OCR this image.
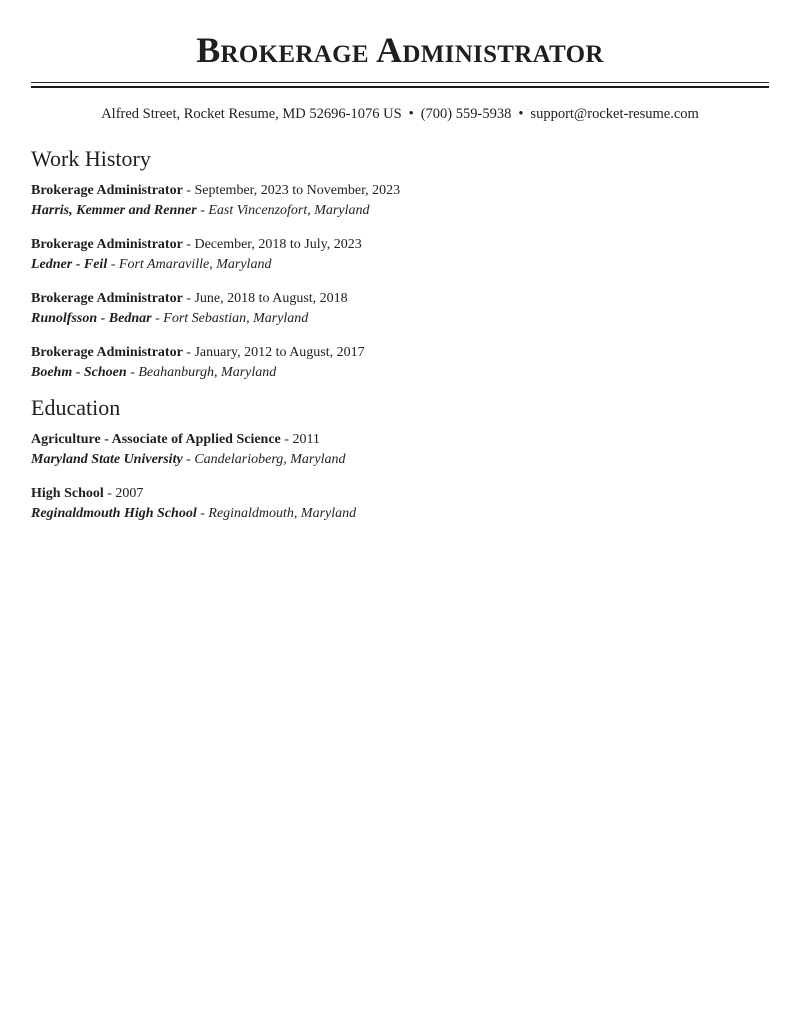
Brokerage Administrator
Alfred Street, Rocket Resume, MD 52696-1076 US • (700) 559-5938 • support@rocket-resume.com
Work History
Brokerage Administrator - September, 2023 to November, 2023
Harris, Kemmer and Renner - East Vincenzofort, Maryland
Brokerage Administrator - December, 2018 to July, 2023
Ledner - Feil - Fort Amaraville, Maryland
Brokerage Administrator - June, 2018 to August, 2018
Runolfsson - Bednar - Fort Sebastian, Maryland
Brokerage Administrator - January, 2012 to August, 2017
Boehm - Schoen - Beahanburgh, Maryland
Education
Agriculture - Associate of Applied Science - 2011
Maryland State University - Candelarioberg, Maryland
High School - 2007
Reginaldmouth High School - Reginaldmouth, Maryland
